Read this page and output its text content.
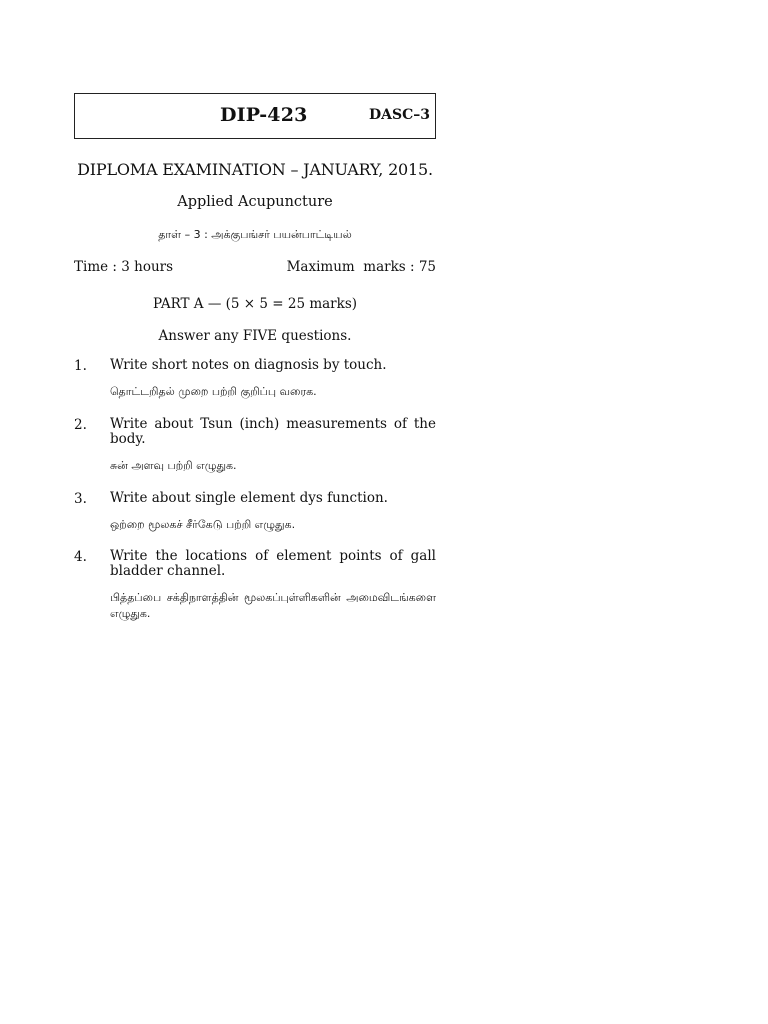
DIP-423	DASC–3
DIPLOMA EXAMINATION – JANUARY, 2015.
Applied Acupuncture
தாள் – 3 : அக்குபங்சர் பயன்பாட்டியல்
Time : 3 hours	Maximum  marks : 75
PART A — (5 × 5 = 25 marks)
Answer any FIVE questions.
1. Write short notes on diagnosis by touch.
தொட்டறிதல் முறை பற்றி குறிப்பு வரைக.
2. Write about Tsun (inch) measurements of the body.
சுன் அளவு பற்றி எழுதுக.
3. Write about single element dys function.
ஒற்றை மூலகச் சீர்கேடு பற்றி எழுதுக.
4. Write the locations of element points of gall bladder channel.
பித்தப்பை சக்திநாளத்தின் மூலகப்புள்ளிகளின் அமைவிடங்களை எழுதுக.
